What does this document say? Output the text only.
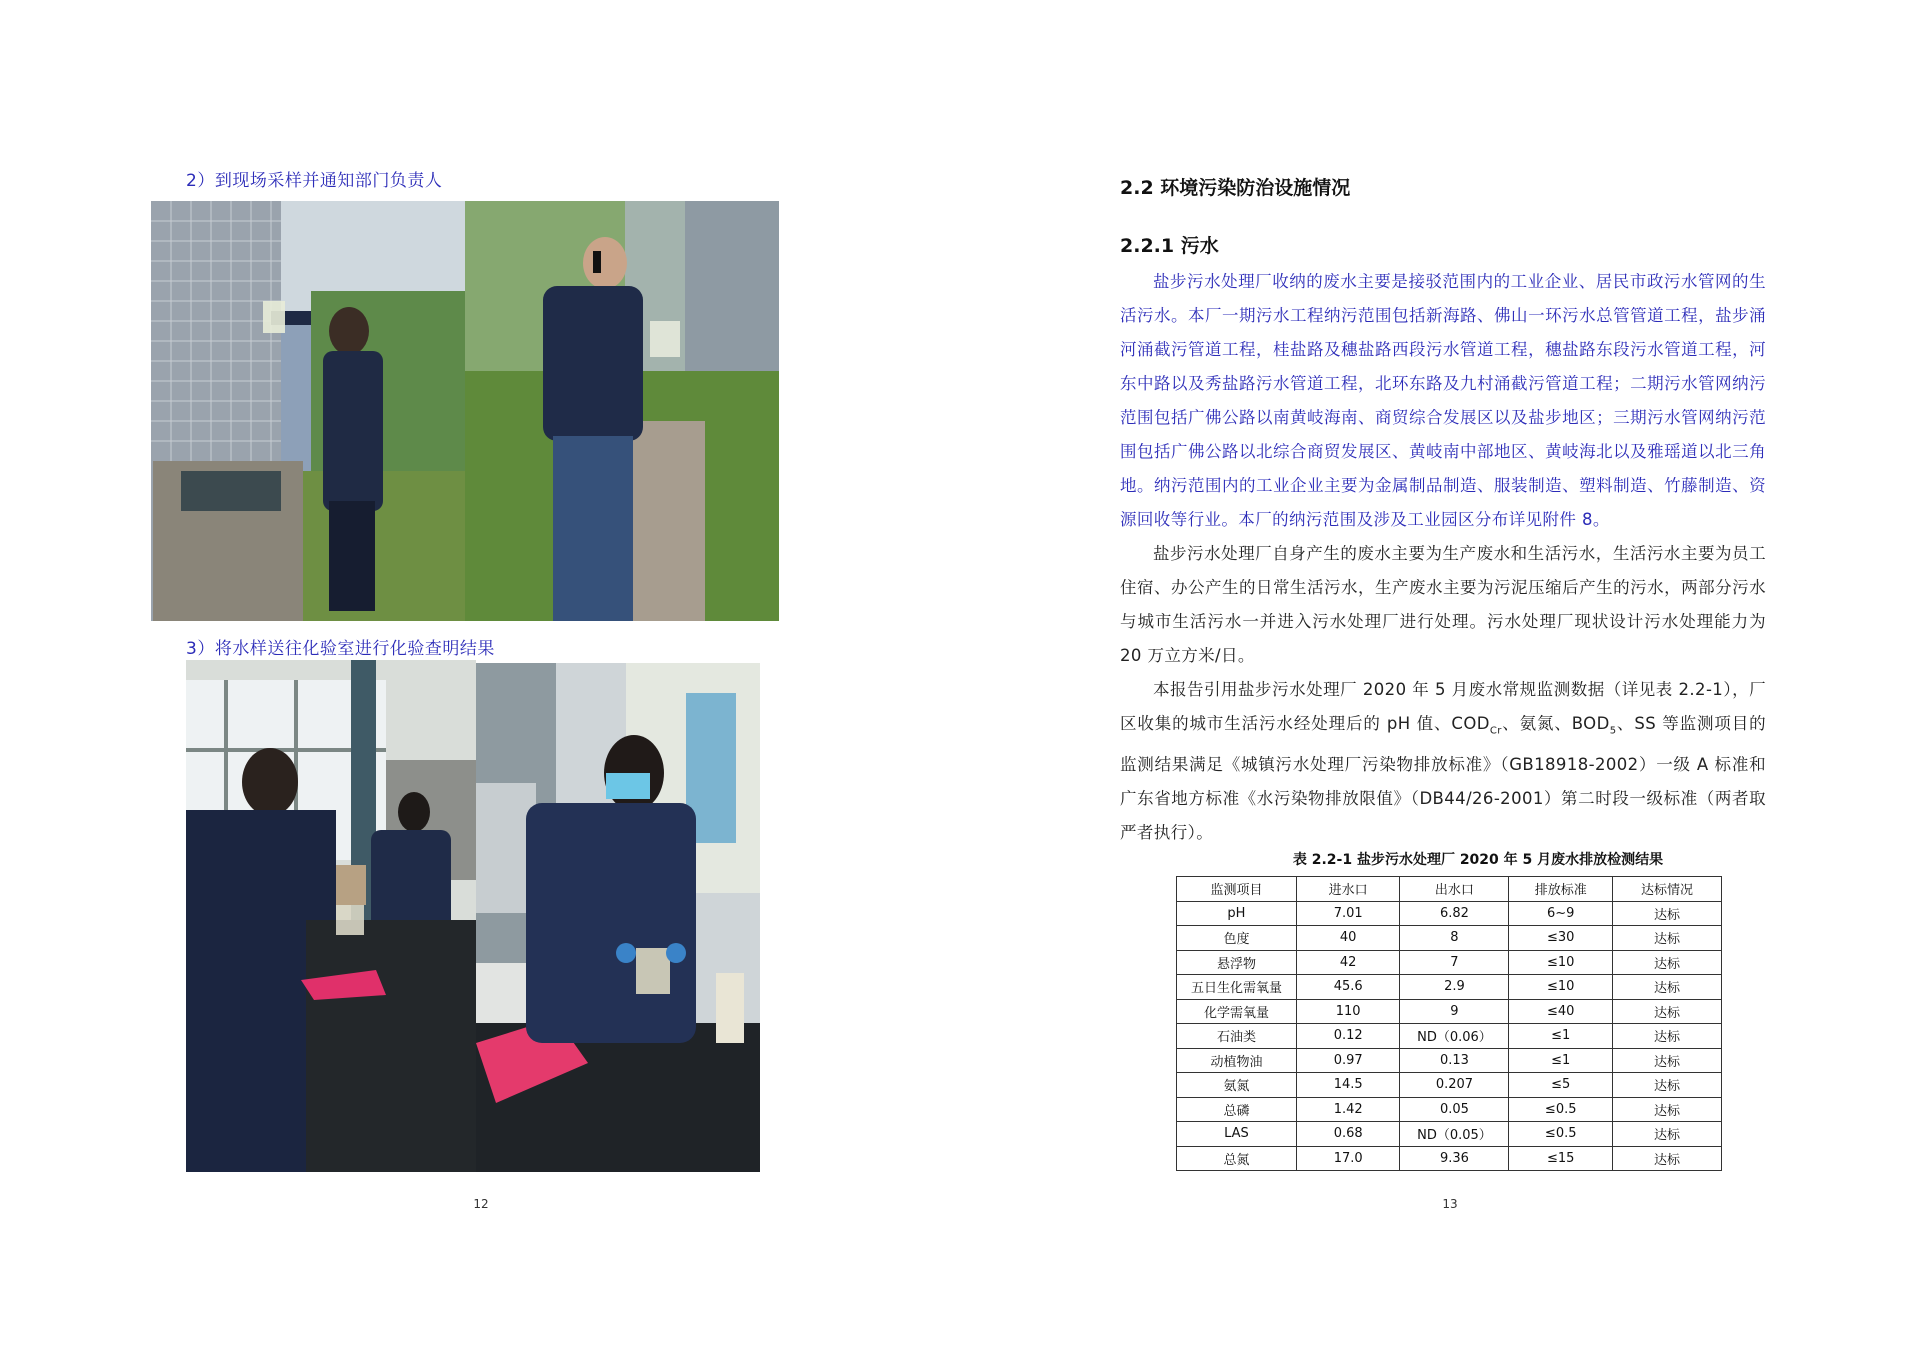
2）到现场采样并通知部门负责人
3）将水样送往化验室进行化验查明结果
12
2.2 环境污染防治设施情况
2.2.1 污水

盐步污水处理厂收纳的废水主要是接驳范围内的工业企业、居民市政污水管网的生活污水。本厂一期污水工程纳污范围包括新海路、佛山一环污水总管管道工程，盐步涌河涌截污管道工程，桂盐路及穗盐路西段污水管道工程，穗盐路东段污水管道工程，河东中路以及秀盐路污水管道工程，北环东路及九村涌截污管道工程；二期污水管网纳污范围包括广佛公路以南黄岐海南、商贸综合发展区以及盐步地区；三期污水管网纳污范围包括广佛公路以北综合商贸发展区、黄岐南中部地区、黄岐海北以及雅瑶道以北三角地。纳污范围内的工业企业主要为金属制品制造、服装制造、塑料制造、竹藤制造、资源回收等行业。本厂的纳污范围及涉及工业园区分布详见附件 8。

盐步污水处理厂自身产生的废水主要为生产废水和生活污水，生活污水主要为员工住宿、办公产生的日常生活污水，生产废水主要为污泥压缩后产生的污水，两部分污水与城市生活污水一并进入污水处理厂进行处理。污水处理厂现状设计污水处理能力为 20 万立方米/日。

本报告引用盐步污水处理厂 2020 年 5 月废水常规监测数据（详见表 2.2-1），厂区收集的城市生活污水经处理后的 pH 值、$COD_{Cr}$、氨氮、$BOD_5$、SS 等监测项目的监测结果满足《城镇污水处理厂污染物排放标准》（GB18918-2002）一级 A 标准和广东省地方标准《水污染物排放限值》（DB44/26-2001）第二时段一级标准（两者取严者执行）。

表 2.2-1 盐步污水处理厂 2020 年 5 月废水排放检测结果
监测项目	进水口	出水口	排放标准	达标情况
pH	7.01	6.82	6~9	达标
色度	40	8	≤30	达标
悬浮物	42	7	≤10	达标
五日生化需氧量	45.6	2.9	≤10	达标
化学需氧量	110	9	≤40	达标
石油类	0.12	ND（0.06）	≤1	达标
动植物油	0.97	0.13	≤1	达标
氨氮	14.5	0.207	≤5	达标
总磷	1.42	0.05	≤0.5	达标
LAS	0.68	ND（0.05）	≤0.5	达标
总氮	17.0	9.36	≤15	达标
13
